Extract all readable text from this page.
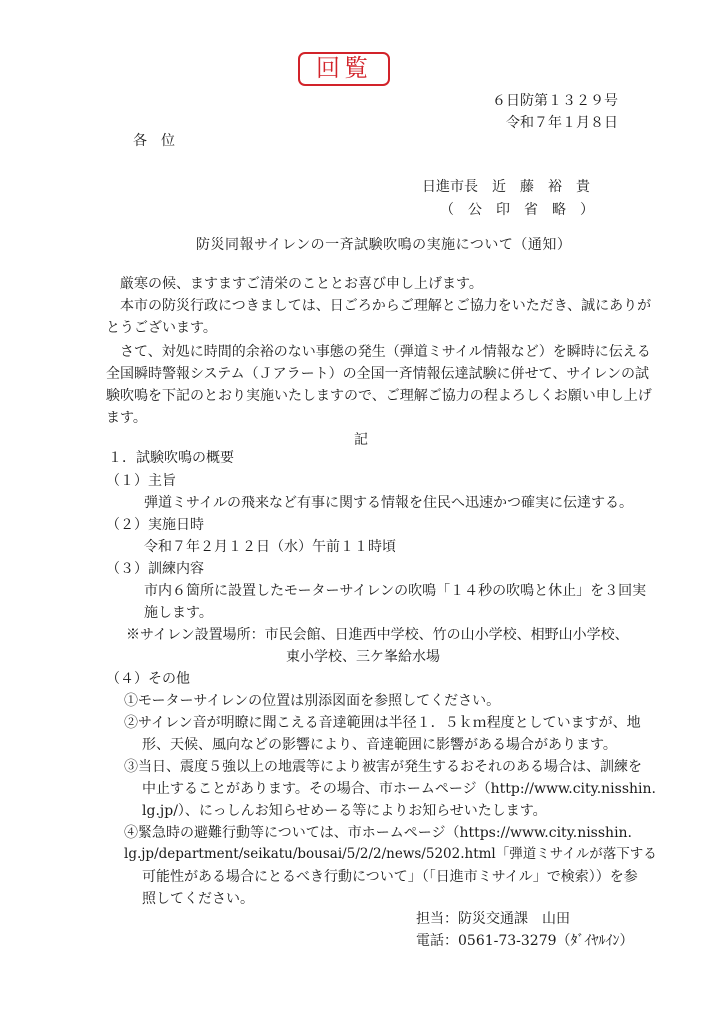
回覧
６日防第１３２９号
令和７年１月８日
各　位
日進市長　近　藤　裕　貴
（　公　印　省　略　）
防災同報サイレンの一斉試験吹鳴の実施について（通知）
　厳寒の候、ますますご清栄のこととお喜び申し上げます。
　本市の防災行政につきましては、日ごろからご理解とご協力をいただき、誠にありが
とうございます。
　さて、対処に時間的余裕のない事態の発生（弾道ミサイル情報など）を瞬時に伝える
全国瞬時警報システム（Ｊアラート）の全国一斉情報伝達試験に併せて、サイレンの試
験吹鳴を下記のとおり実施いたしますので、ご理解ご協力の程よろしくお願い申し上げ
ます。
記
１．試験吹鳴の概要
（１）主旨
弾道ミサイルの飛来など有事に関する情報を住民へ迅速かつ確実に伝達する。
（２）実施日時
令和７年２月１２日（水）午前１１時頃
（３）訓練内容
市内６箇所に設置したモーターサイレンの吹鳴「１４秒の吹鳴と休止」を３回実
施します。
※サイレン設置場所：市民会館、日進西中学校、竹の山小学校、相野山小学校、
東小学校、三ケ峯給水場
（４）その他
①モーターサイレンの位置は別添図面を参照してください。
②サイレン音が明瞭に聞こえる音達範囲は半径１．５ｋｍ程度としていますが、地
形、天候、風向などの影響により、音達範囲に影響がある場合があります。
③当日、震度５強以上の地震等により被害が発生するおそれのある場合は、訓練を
中止することがあります。その場合、市ホームページ（http://www.city.nisshin.
lg.jp/）、にっしんお知らせめーる等によりお知らせいたします。
④緊急時の避難行動等については、市ホームページ（https://www.city.nisshin.
lg.jp/department/seikatu/bousai/5/2/2/news/5202.html「弾道ミサイルが落下する
可能性がある場合にとるべき行動について」（「日進市ミサイル」で検索））を参
照してください。
担当：防災交通課　山田
電話：0561-73-3279（ﾀﾞｲﾔﾙｲﾝ）
